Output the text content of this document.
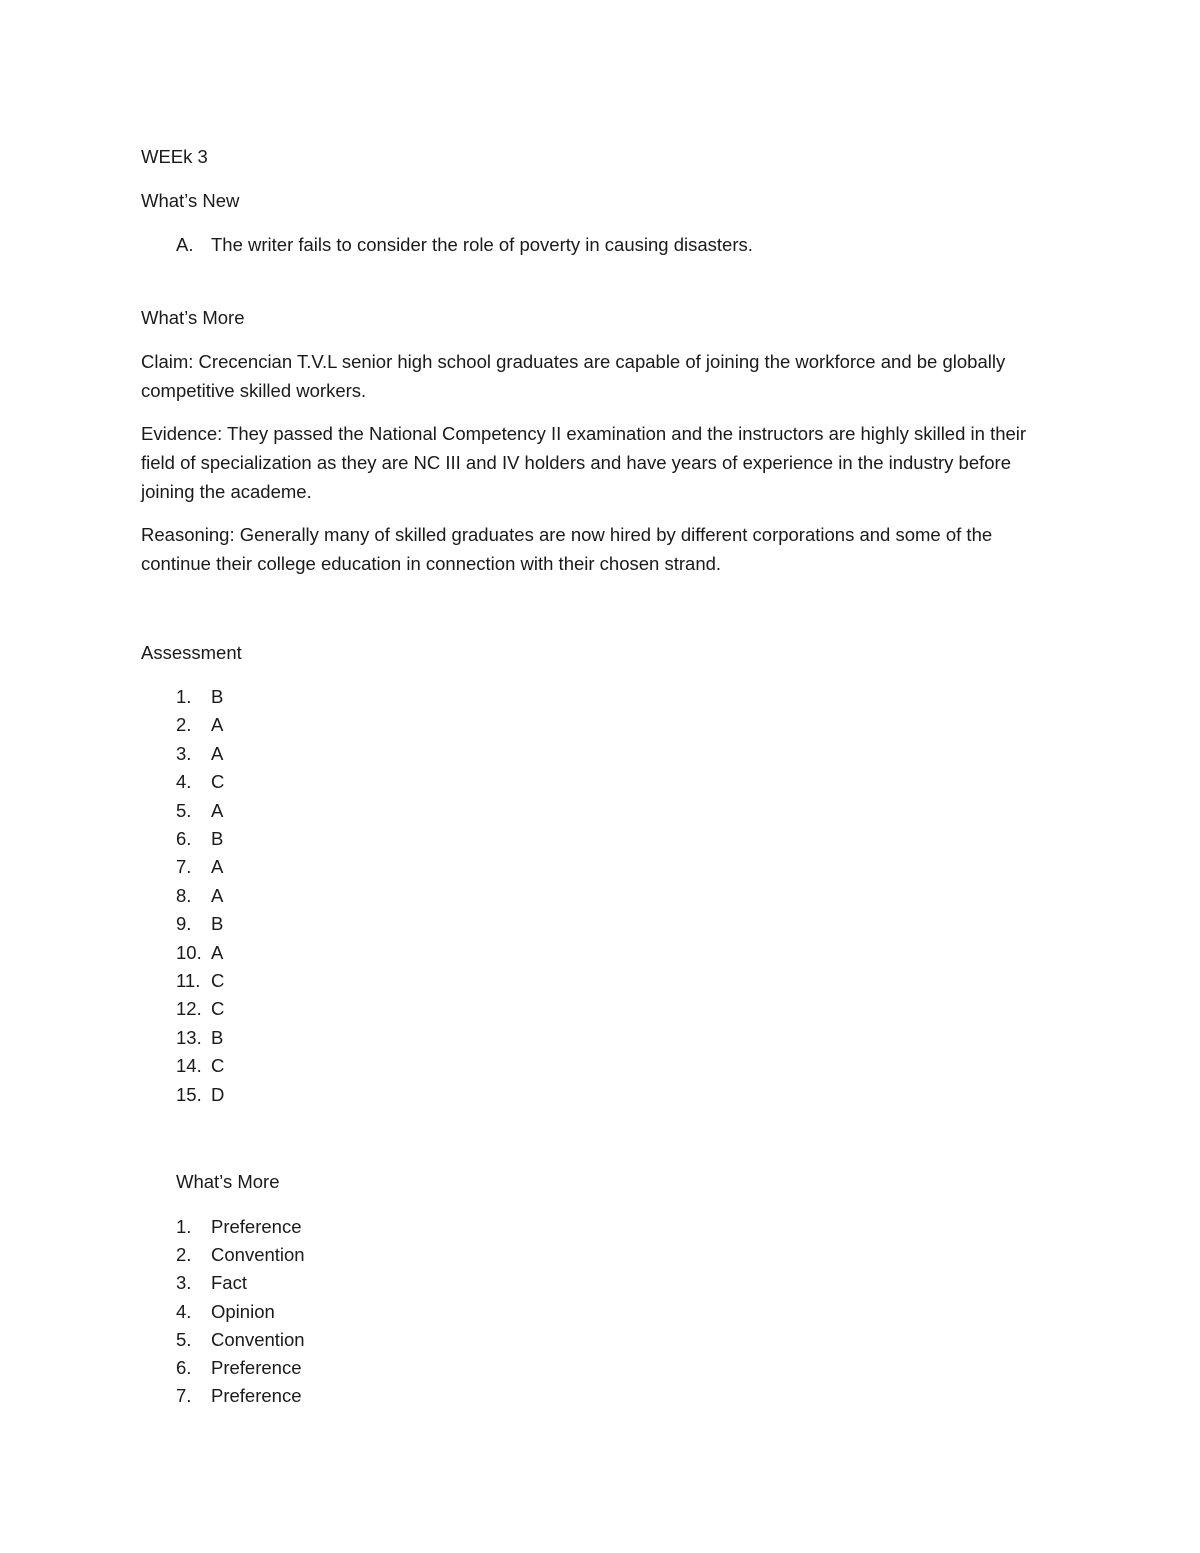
WEEk 3
What’s New
A. The writer fails to consider the role of poverty in causing disasters.
What’s More
Claim: Crecencian T.V.L senior high school graduates are capable of joining the workforce and be globally competitive skilled workers.
Evidence: They passed the National Competency II examination and the instructors are highly skilled in their field of specialization as they are NC III and IV holders and have years of experience in the industry before joining the academe.
Reasoning: Generally many of skilled graduates are now hired by different corporations and some of the continue their college education in connection with their chosen strand.
Assessment
1. B
2. A
3. A
4. C
5. A
6. B
7. A
8. A
9. B
10. A
11. C
12. C
13. B
14. C
15. D
What’s More
1. Preference
2. Convention
3. Fact
4. Opinion
5. Convention
6. Preference
7. Preference
